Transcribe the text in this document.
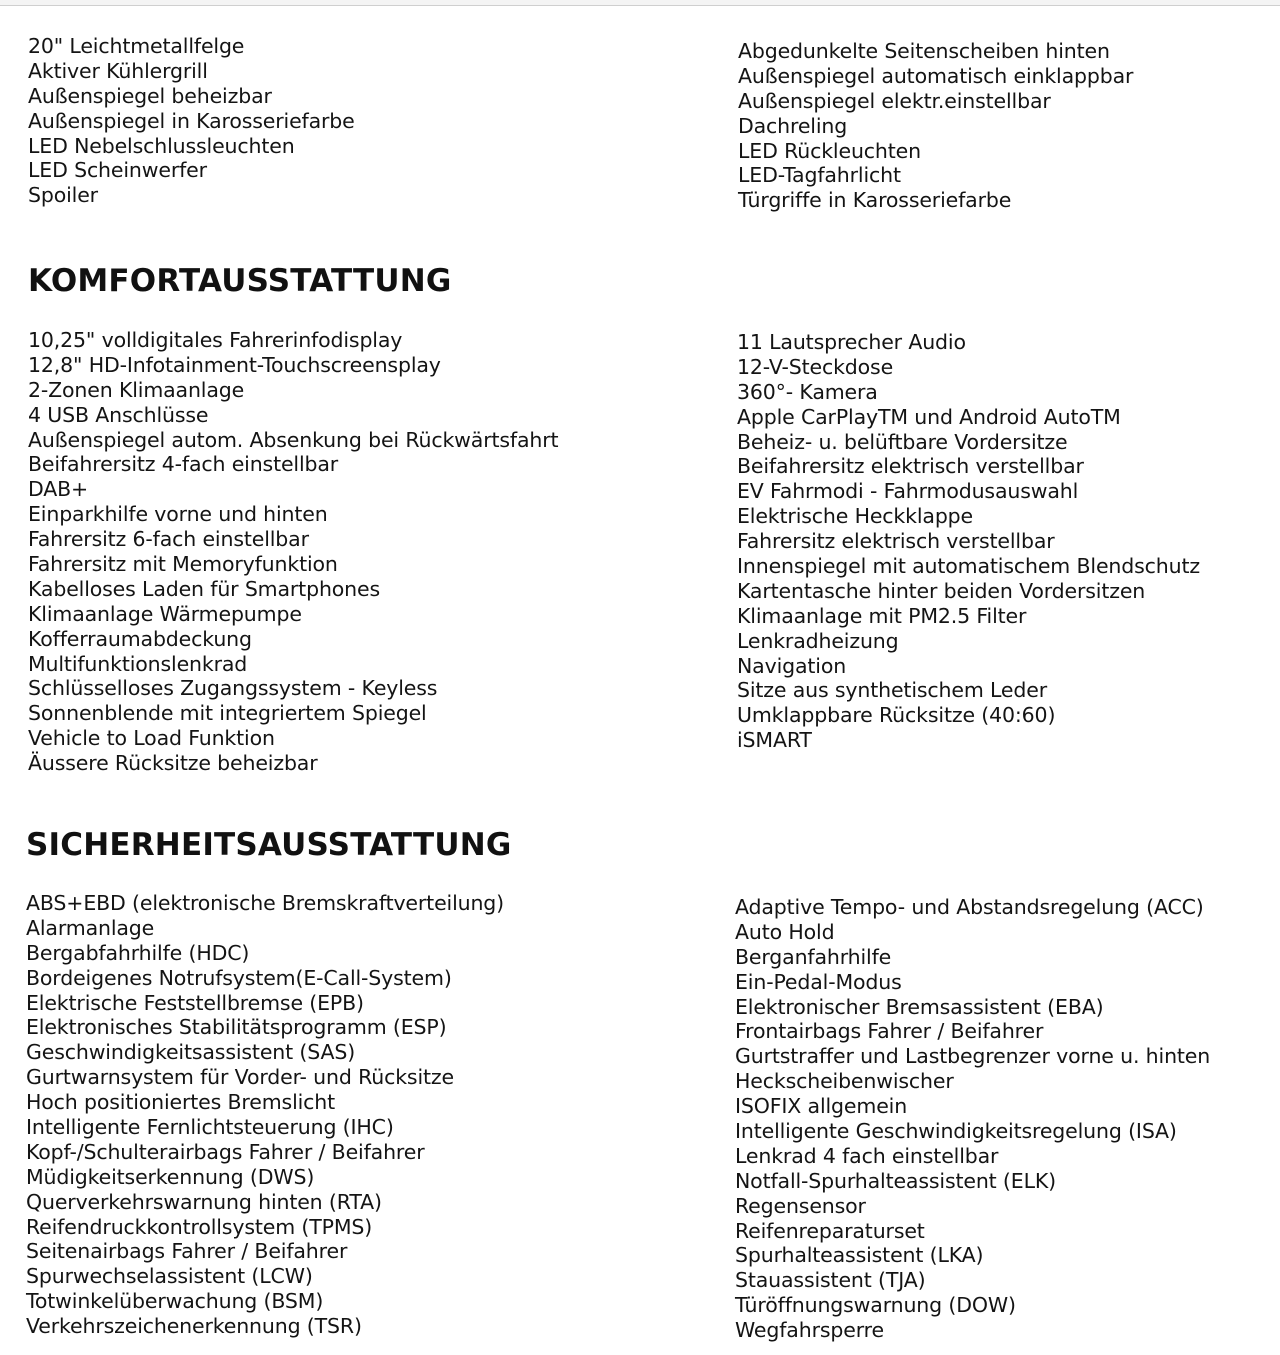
20" Leichtmetallfelge
Aktiver Kühlergrill
Außenspiegel beheizbar
Außenspiegel in Karosseriefarbe
LED Nebelschlussleuchten
LED Scheinwerfer
Spoiler
Abgedunkelte Seitenscheiben hinten
Außenspiegel automatisch einklappbar
Außenspiegel elektr.einstellbar
Dachreling
LED Rückleuchten
LED-Tagfahrlicht
Türgriffe in Karosseriefarbe
KOMFORTAUSSTATTUNG
10,25" volldigitales Fahrerinfodisplay
12,8" HD-Infotainment-Touchscreensplay
2-Zonen Klimaanlage
4 USB Anschlüsse
Außenspiegel autom. Absenkung bei Rückwärtsfahrt
Beifahrersitz 4-fach einstellbar
DAB+
Einparkhilfe vorne und hinten
Fahrersitz 6-fach einstellbar
Fahrersitz mit Memoryfunktion
Kabelloses Laden für Smartphones
Klimaanlage Wärmepumpe
Kofferraumabdeckung
Multifunktionslenkrad
Schlüsselloses Zugangssystem - Keyless
Sonnenblende mit integriertem Spiegel
Vehicle to Load Funktion
Äussere Rücksitze beheizbar
11 Lautsprecher Audio
12-V-Steckdose
360°- Kamera
Apple CarPlayTM und Android AutoTM
Beheiz- u. belüftbare Vordersitze
Beifahrersitz elektrisch verstellbar
EV Fahrmodi - Fahrmodusauswahl
Elektrische Heckklappe
Fahrersitz elektrisch verstellbar
Innenspiegel mit automatischem Blendschutz
Kartentasche hinter beiden Vordersitzen
Klimaanlage mit PM2.5 Filter
Lenkradheizung
Navigation
Sitze aus synthetischem Leder
Umklappbare Rücksitze (40:60)
iSMART
SICHERHEITSAUSSTATTUNG
ABS+EBD (elektronische Bremskraftverteilung)
Alarmanlage
Bergabfahrhilfe (HDC)
Bordeigenes Notrufsystem(E-Call-System)
Elektrische Feststellbremse (EPB)
Elektronisches Stabilitätsprogramm (ESP)
Geschwindigkeitsassistent (SAS)
Gurtwarnsystem für Vorder- und Rücksitze
Hoch positioniertes Bremslicht
Intelligente Fernlichtsteuerung (IHC)
Kopf-/Schulterairbags Fahrer / Beifahrer
Müdigkeitserkennung (DWS)
Querverkehrswarnung hinten (RTA)
Reifendruckkontrollsystem (TPMS)
Seitenairbags Fahrer / Beifahrer
Spurwechselassistent (LCW)
Totwinkelüberwachung (BSM)
Verkehrszeichenerkennung (TSR)
Adaptive Tempo- und Abstandsregelung (ACC)
Auto Hold
Berganfahrhilfe
Ein-Pedal-Modus
Elektronischer Bremsassistent (EBA)
Frontairbags Fahrer / Beifahrer
Gurtstraffer und Lastbegrenzer vorne u. hinten
Heckscheibenwischer
ISOFIX allgemein
Intelligente Geschwindigkeitsregelung (ISA)
Lenkrad 4 fach einstellbar
Notfall-Spurhalteassistent (ELK)
Regensensor
Reifenreparaturset
Spurhalteassistent (LKA)
Stauassistent (TJA)
Türöffnungswarnung (DOW)
Wegfahrsperre
